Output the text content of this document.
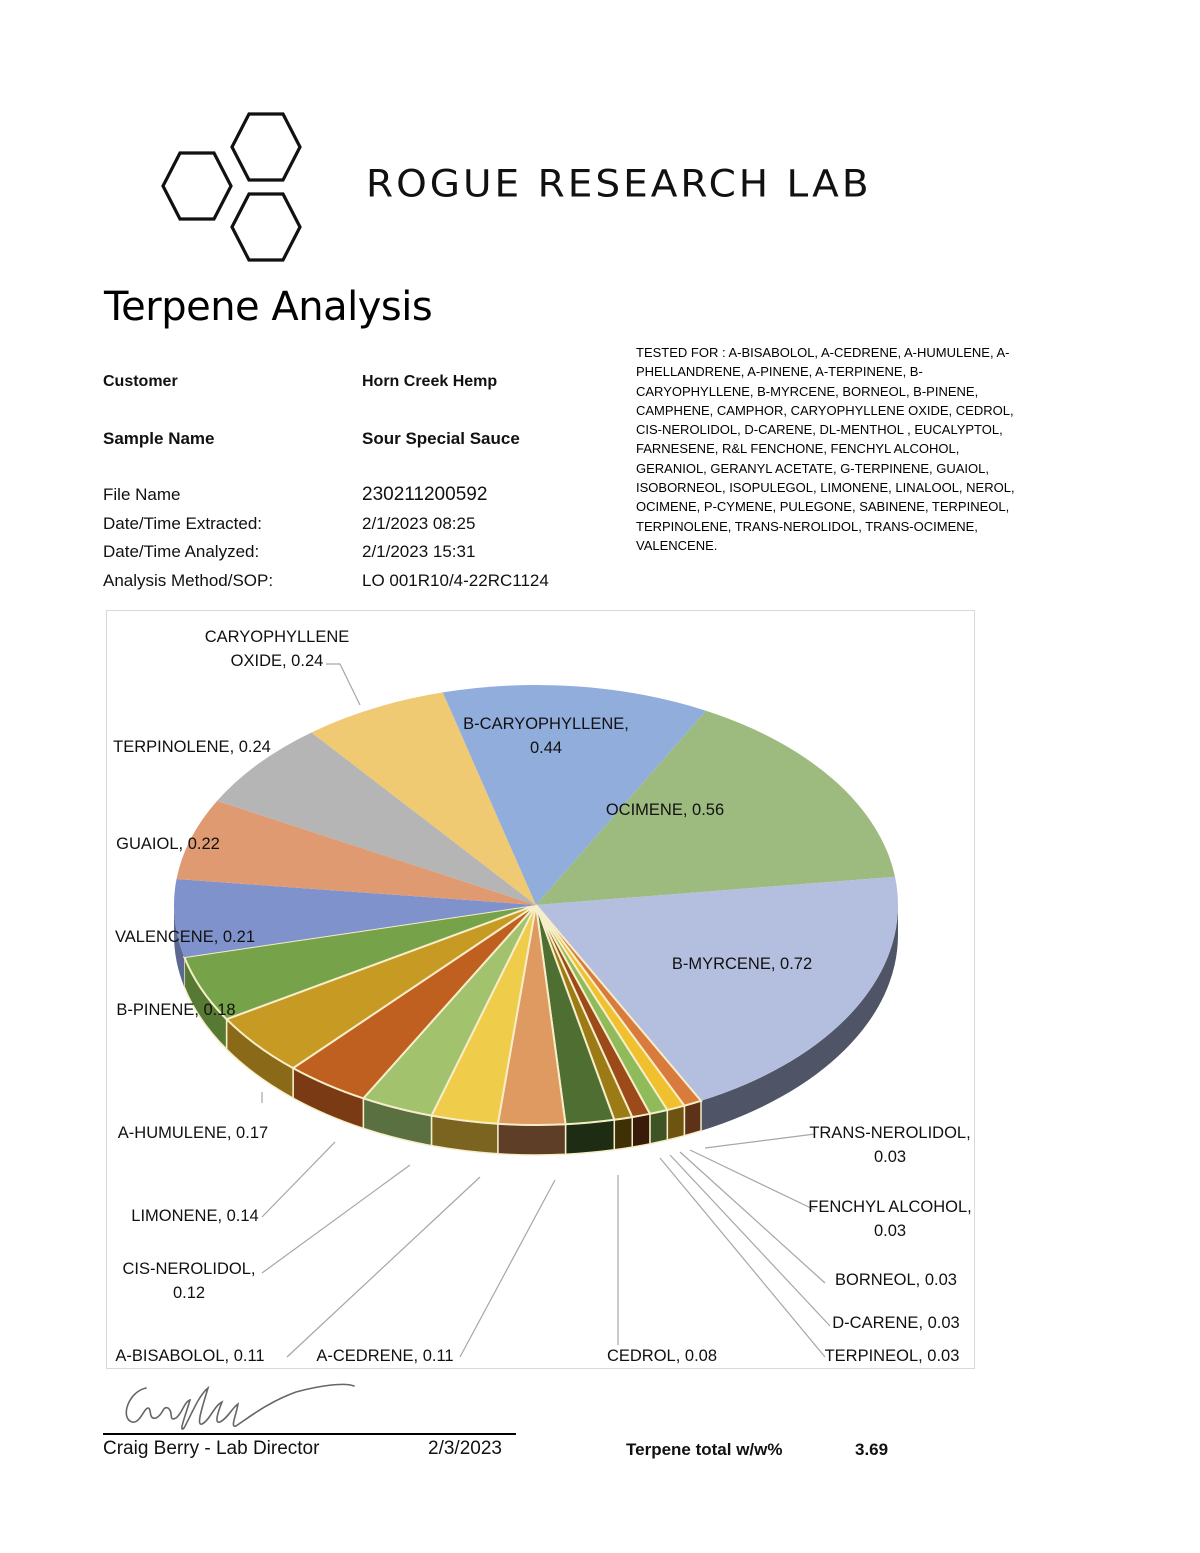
ROGUE RESEARCH LAB
Terpene Analysis
Customer	Horn Creek Hemp
Sample Name	Sour Special Sauce
File Name	230211200592
Date/Time Extracted:	2/1/2023 08:25
Date/Time Analyzed:	2/1/2023 15:31
Analysis Method/SOP:	LO 001R10/4-22RC1124
TESTED FOR : A-BISABOLOL, A-CEDRENE, A-HUMULENE, A-PHELLANDRENE, A-PINENE, A-TERPINENE, B-CARYOPHYLLENE, B-MYRCENE, BORNEOL, B-PINENE, CAMPHENE, CAMPHOR, CARYOPHYLLENE OXIDE, CEDROL, CIS-NEROLIDOL, D-CARENE, DL-MENTHOL , EUCALYPTOL, FARNESENE, R&L FENCHONE, FENCHYL ALCOHOL, GERANIOL, GERANYL ACETATE, G-TERPINENE, GUAIOL, ISOBORNEOL, ISOPULEGOL, LIMONENE, LINALOOL, NEROL, OCIMENE, P-CYMENE, PULEGONE, SABINENE, TERPINEOL, TERPINOLENE, TRANS-NEROLIDOL, TRANS-OCIMENE, VALENCENE.
CARYOPHYLLENE
OXIDE, 0.24
TERPINOLENE, 0.24
B-CARYOPHYLLENE,
0.44
OCIMENE, 0.56
GUAIOL, 0.22
VALENCENE, 0.21
B-MYRCENE, 0.72
B-PINENE, 0.18
A-HUMULENE, 0.17	TRANS-NEROLIDOL,
0.03
FENCHYL ALCOHOL,
0.03
LIMONENE, 0.14
CIS-NEROLIDOL,
0.12
BORNEOL, 0.03
D-CARENE, 0.03
A-BISABOLOL, 0.11	A-CEDRENE, 0.11	CEDROL, 0.08	TERPINEOL, 0.03
Craig Berry - Lab Director	2/3/2023	Terpene total w/w%	3.69
